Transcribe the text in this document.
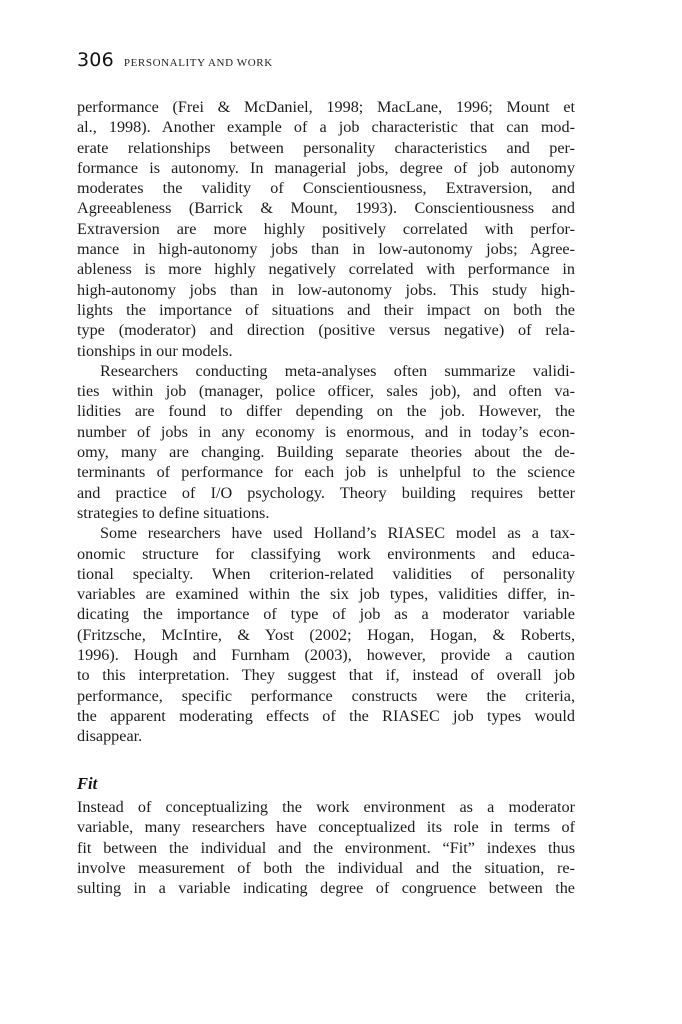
306 PERSONALITY AND WORK
performance (Frei & McDaniel, 1998; MacLane, 1996; Mount et
al., 1998). Another example of a job characteristic that can mod-
erate relationships between personality characteristics and per-
formance is autonomy. In managerial jobs, degree of job autonomy
moderates the validity of Conscientiousness, Extraversion, and
Agreeableness (Barrick & Mount, 1993). Conscientiousness and
Extraversion are more highly positively correlated with perfor-
mance in high-autonomy jobs than in low-autonomy jobs; Agree-
ableness is more highly negatively correlated with performance in
high-autonomy jobs than in low-autonomy jobs. This study high-
lights the importance of situations and their impact on both the
type (moderator) and direction (positive versus negative) of rela-
tionships in our models.
Researchers conducting meta-analyses often summarize validi-
ties within job (manager, police officer, sales job), and often va-
lidities are found to differ depending on the job. However, the
number of jobs in any economy is enormous, and in today’s econ-
omy, many are changing. Building separate theories about the de-
terminants of performance for each job is unhelpful to the science
and practice of I/O psychology. Theory building requires better
strategies to define situations.
Some researchers have used Holland’s RIASEC model as a tax-
onomic structure for classifying work environments and educa-
tional specialty. When criterion-related validities of personality
variables are examined within the six job types, validities differ, in-
dicating the importance of type of job as a moderator variable
(Fritzsche, McIntire, & Yost (2002; Hogan, Hogan, & Roberts,
1996). Hough and Furnham (2003), however, provide a caution
to this interpretation. They suggest that if, instead of overall job
performance, specific performance constructs were the criteria,
the apparent moderating effects of the RIASEC job types would
disappear.
Fit
Instead of conceptualizing the work environment as a moderator
variable, many researchers have conceptualized its role in terms of
fit between the individual and the environment. “Fit” indexes thus
involve measurement of both the individual and the situation, re-
sulting in a variable indicating degree of congruence between the
